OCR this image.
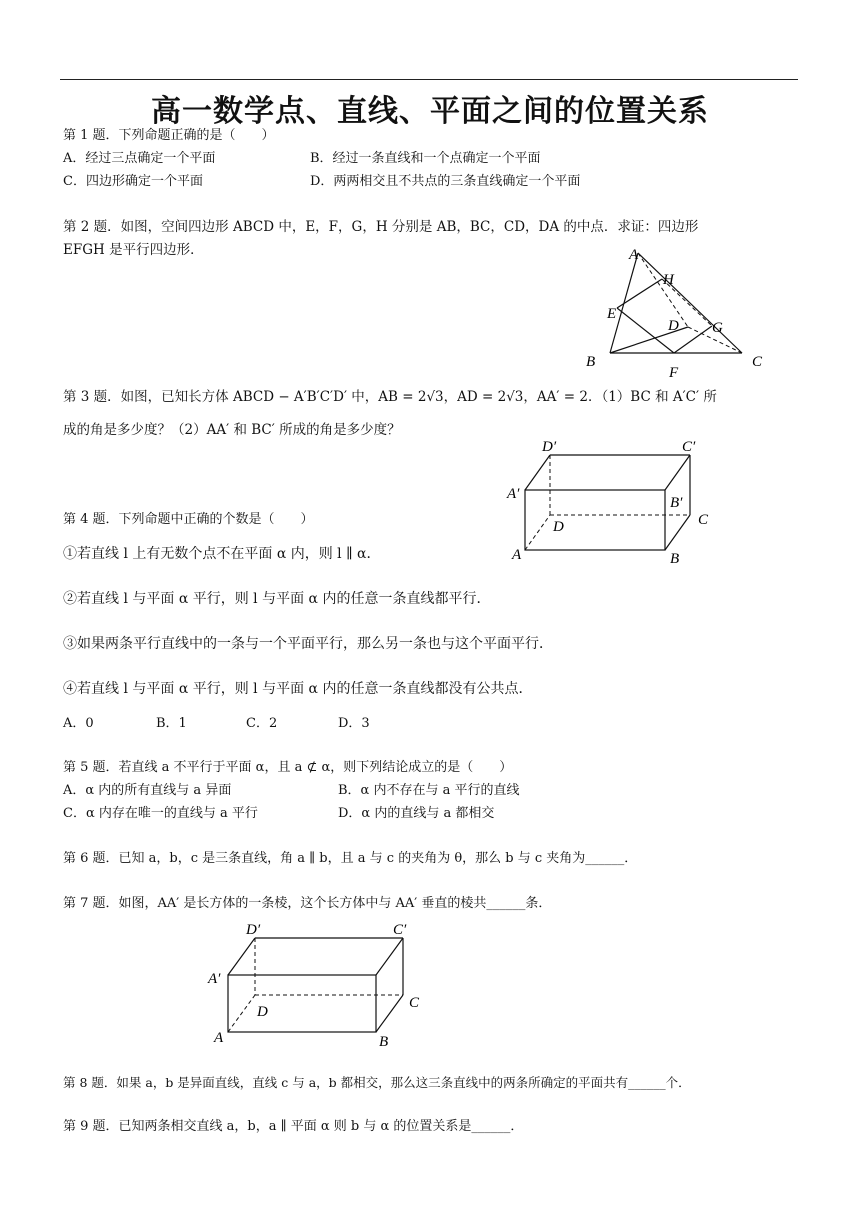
高一数学点、直线、平面之间的位置关系
第 1 题．下列命题正确的是（　　）
A．经过三点确定一个平面	B．经过一条直线和一个点确定一个平面
C．四边形确定一个平面	D．两两相交且不共点的三条直线确定一个平面
第 2 题．如图，空间四边形 ABCD 中，E，F，G，H 分别是 AB，BC，CD，DA 的中点．求证：四边形
EFGH 是平行四边形．	A
H
E
D G
B	C
F
第 3 题．如图，已知长方体 ABCD − A′B′C′D′ 中，AB = 2√3，AD = 2√3，AA′ = 2．（1）BC 和 A′C′ 所
成的角是多少度？（2）AA′ 和 BC′ 所成的角是多少度？
D′	C′
A′
B′
D	C
A	B
第 4 题．下列命题中正确的个数是（　　）
①若直线 l 上有无数个点不在平面 α 内，则 l ∥ α．
②若直线 l 与平面 α 平行，则 l 与平面 α 内的任意一条直线都平行．
③如果两条平行直线中的一条与一个平面平行，那么另一条也与这个平面平行．
④若直线 l 与平面 α 平行，则 l 与平面 α 内的任意一条直线都没有公共点．
A．0	B．1	C．2	D．3
第 5 题．若直线 a 不平行于平面 α，且 a ⊄ α，则下列结论成立的是（　　）
A．α 内的所有直线与 a 异面	B．α 内不存在与 a 平行的直线
C．α 内存在唯一的直线与 a 平行	D．α 内的直线与 a 都相交
第 6 题．已知 a，b，c 是三条直线，角 a ∥ b，且 a 与 c 的夹角为 θ，那么 b 与 c 夹角为______．
第 7 题．如图，AA′ 是长方体的一条棱，这个长方体中与 AA′ 垂直的棱共______条．
D′	C′
A′
D
C
A	B
第 8 题．如果 a，b 是异面直线，直线 c 与 a，b 都相交，那么这三条直线中的两条所确定的平面共有______个．
第 9 题．已知两条相交直线 a，b，a ∥ 平面 α 则 b 与 α 的位置关系是______．
